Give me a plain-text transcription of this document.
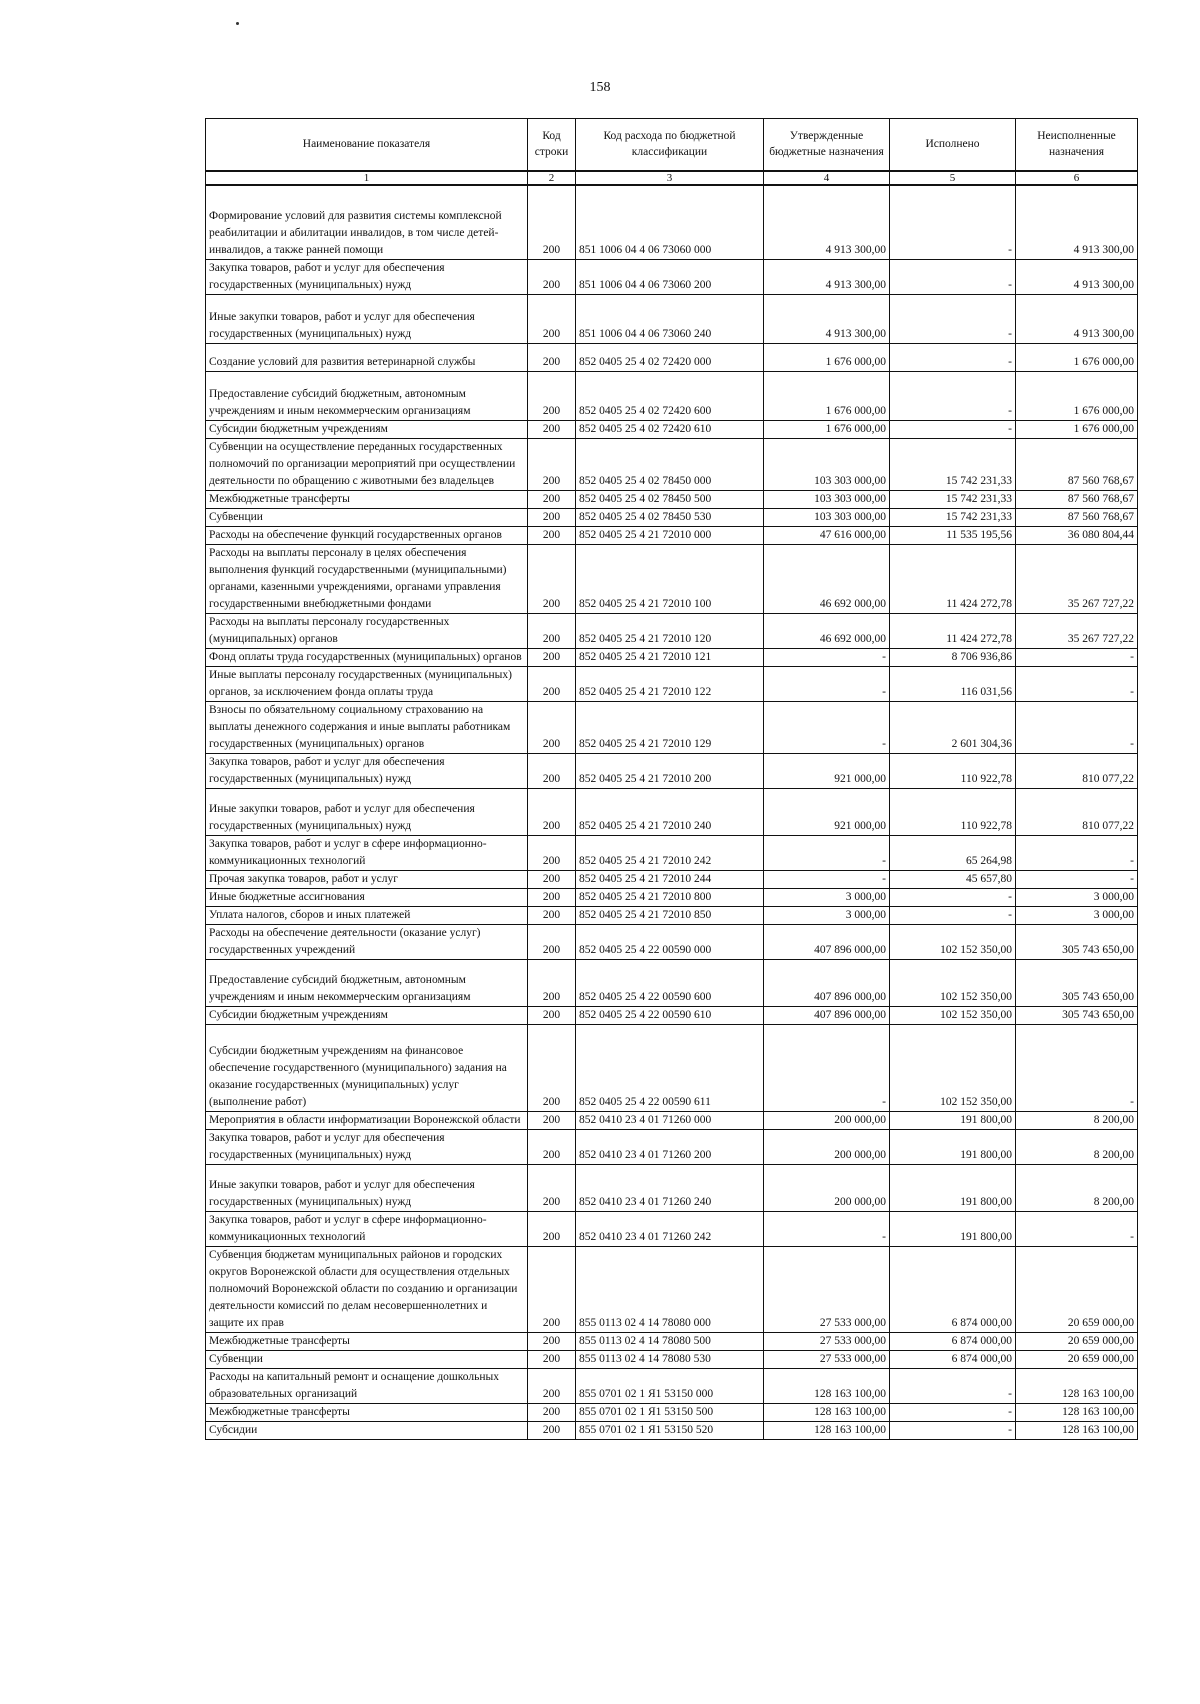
158
Наименование показателя	Код строки	Код расхода по бюджетной классификации	Утвержденные бюджетные назначения	Исполнено	Неисполненные назначения
1	2	3	4	5	6
Формирование условий для развития системы комплексной реабилитации и абилитации инвалидов, в том числе детей-инвалидов, а также ранней помощи	200	851 1006 04 4 06 73060 000	4 913 300,00	-	4 913 300,00
Закупка товаров, работ и услуг для обеспечения государственных (муниципальных) нужд	200	851 1006 04 4 06 73060 200	4 913 300,00	-	4 913 300,00
Иные закупки товаров, работ и услуг для обеспечения государственных (муниципальных) нужд	200	851 1006 04 4 06 73060 240	4 913 300,00	-	4 913 300,00
Создание условий для развития ветеринарной службы	200	852 0405 25 4 02 72420 000	1 676 000,00	-	1 676 000,00
Предоставление субсидий бюджетным, автономным учреждениям и иным некоммерческим организациям	200	852 0405 25 4 02 72420 600	1 676 000,00	-	1 676 000,00
Субсидии бюджетным учреждениям	200	852 0405 25 4 02 72420 610	1 676 000,00	-	1 676 000,00
Субвенции на осуществление переданных государственных полномочий по организации мероприятий при осуществлении деятельности по обращению с животными без владельцев	200	852 0405 25 4 02 78450 000	103 303 000,00	15 742 231,33	87 560 768,67
Межбюджетные трансферты	200	852 0405 25 4 02 78450 500	103 303 000,00	15 742 231,33	87 560 768,67
Субвенции	200	852 0405 25 4 02 78450 530	103 303 000,00	15 742 231,33	87 560 768,67
Расходы на обеспечение функций государственных органов	200	852 0405 25 4 21 72010 000	47 616 000,00	11 535 195,56	36 080 804,44
Расходы на выплаты персоналу в целях обеспечения выполнения функций государственными (муниципальными) органами, казенными учреждениями, органами управления государственными внебюджетными фондами	200	852 0405 25 4 21 72010 100	46 692 000,00	11 424 272,78	35 267 727,22
Расходы на выплаты персоналу государственных (муниципальных) органов	200	852 0405 25 4 21 72010 120	46 692 000,00	11 424 272,78	35 267 727,22
Фонд оплаты труда государственных (муниципальных) органов	200	852 0405 25 4 21 72010 121	-	8 706 936,86	-
Иные выплаты персоналу государственных (муниципальных) органов, за исключением фонда оплаты труда	200	852 0405 25 4 21 72010 122	-	116 031,56	-
Взносы по обязательному социальному страхованию на выплаты денежного содержания и иные выплаты работникам государственных (муниципальных) органов	200	852 0405 25 4 21 72010 129	-	2 601 304,36	-
Закупка товаров, работ и услуг для обеспечения государственных (муниципальных) нужд	200	852 0405 25 4 21 72010 200	921 000,00	110 922,78	810 077,22
Иные закупки товаров, работ и услуг для обеспечения государственных (муниципальных) нужд	200	852 0405 25 4 21 72010 240	921 000,00	110 922,78	810 077,22
Закупка товаров, работ и услуг в сфере информационно-коммуникационных технологий	200	852 0405 25 4 21 72010 242	-	65 264,98	-
Прочая закупка товаров, работ и услуг	200	852 0405 25 4 21 72010 244	-	45 657,80	-
Иные бюджетные ассигнования	200	852 0405 25 4 21 72010 800	3 000,00	-	3 000,00
Уплата налогов, сборов и иных платежей	200	852 0405 25 4 21 72010 850	3 000,00	-	3 000,00
Расходы на обеспечение деятельности (оказание услуг) государственных учреждений	200	852 0405 25 4 22 00590 000	407 896 000,00	102 152 350,00	305 743 650,00
Предоставление субсидий бюджетным, автономным учреждениям и иным некоммерческим организациям	200	852 0405 25 4 22 00590 600	407 896 000,00	102 152 350,00	305 743 650,00
Субсидии бюджетным учреждениям	200	852 0405 25 4 22 00590 610	407 896 000,00	102 152 350,00	305 743 650,00
Субсидии бюджетным учреждениям на финансовое обеспечение государственного (муниципального) задания на оказание государственных (муниципальных) услуг (выполнение работ)	200	852 0405 25 4 22 00590 611	-	102 152 350,00	-
Мероприятия в области информатизации Воронежской области	200	852 0410 23 4 01 71260 000	200 000,00	191 800,00	8 200,00
Закупка товаров, работ и услуг для обеспечения государственных (муниципальных) нужд	200	852 0410 23 4 01 71260 200	200 000,00	191 800,00	8 200,00
Иные закупки товаров, работ и услуг для обеспечения государственных (муниципальных) нужд	200	852 0410 23 4 01 71260 240	200 000,00	191 800,00	8 200,00
Закупка товаров, работ и услуг в сфере информационно-коммуникационных технологий	200	852 0410 23 4 01 71260 242	-	191 800,00	-
Субвенция бюджетам муниципальных районов и городских округов Воронежской области для осуществления отдельных полномочий Воронежской области по созданию и организации деятельности комиссий по делам несовершеннолетних и защите их прав	200	855 0113 02 4 14 78080 000	27 533 000,00	6 874 000,00	20 659 000,00
Межбюджетные трансферты	200	855 0113 02 4 14 78080 500	27 533 000,00	6 874 000,00	20 659 000,00
Субвенции	200	855 0113 02 4 14 78080 530	27 533 000,00	6 874 000,00	20 659 000,00
Расходы на капитальный ремонт и оснащение дошкольных образовательных организаций	200	855 0701 02 1 Я1 53150 000	128 163 100,00	-	128 163 100,00
Межбюджетные трансферты	200	855 0701 02 1 Я1 53150 500	128 163 100,00	-	128 163 100,00
Субсидии	200	855 0701 02 1 Я1 53150 520	128 163 100,00	-	128 163 100,00
